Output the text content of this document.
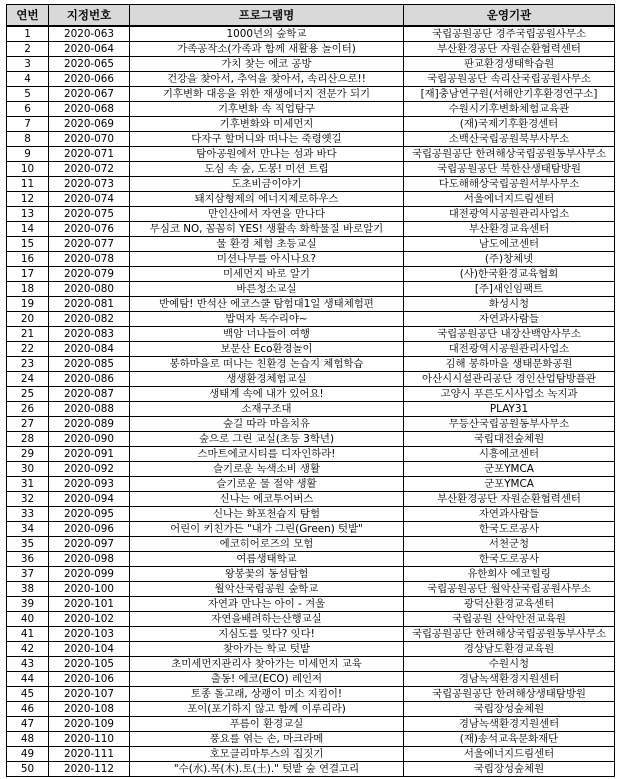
연번	지정번호	프로그램명	운영기관
1	2020-063	1000년의 숲학교	국립공원공단 경주국립공원사무소
2	2020-064	가족공작소(가족과 함께 새활용 놀이터)	부산환경공단 자원순환협력센터
3	2020-065	가치 찾는 에코 공방	판교환경생태학습원
4	2020-066	건강을 찾아서, 추억을 찾아서, 속리산으로!!	국립공원공단 속리산국립공원사무소
5	2020-067	기후변화 대응을 위한 재생에너지 전문가 되기	[재]충남연구원(서해안기후환경연구소]
6	2020-068	기후변화 속 직업탐구	수원시기후변화체험교육관
7	2020-069	기후변화와 미세먼지	(재)국제기후환경센터
8	2020-070	다자구 할머니와 떠나는 죽령옛길	소백산국립공원북부사무소
9	2020-071	탐아공원에서 만나는 섬과 바다	국립공원공단 한려해상국립공원동부사무소
10	2020-072	도심 속 숲, 도봉! 미션 트립	국립공원공단 북한산생태탐방원
11	2020-073	도초비금이야기	다도해해상국립공원서부사무소
12	2020-074	돼지삼형제의 에너지제로하우스	서울에너지드림센터
13	2020-075	만인산에서 자연을 만나다	대전광역시공원관리사업소
14	2020-076	무심코 NO, 꼼꼼히 YES! 생활속 화학물질 바로알기	부산환경교육센터
15	2020-077	물 환경 체험 초등교실	남도에코센터
16	2020-078	미션나무를 아시나요?	(주)창체넷
17	2020-079	미세먼지 바로 알기	(사)한국환경교육협회
18	2020-080	바른청소교실	[주]새인임팩트
19	2020-081	반예탐! 반석산 에코스쿨 탐험대1일 생태체험편	화성시청
20	2020-082	밥먹자 독수리야~	자연과사람들
21	2020-083	백암 너나들이 여행	국립공원공단 내장산백암사무소
22	2020-084	보문산 Eco환경놀이	대전광역시공원관리사업소
23	2020-085	봉하마을로 떠나는 친환경 논습지 체험학습	김해 봉하마을 생태문화공원
24	2020-086	생생환경체험교실	아산시시설관리공단 경인산업탐방플관
25	2020-087	생태계 속에 내가 있어요!	고양시 푸른도시사업소 녹지과
26	2020-088	소재구조대	PLAY31
27	2020-089	숲길 따라 마음치유	무등산국립공원동부사무소
28	2020-090	숲으로 그린 교실(초등 3학년)	국립대전숲체원
29	2020-091	스마트에코시티를 디자인하라!	시흥에코센터
30	2020-092	슬기로운 녹색소비 생활	군포YMCA
31	2020-093	슬기로운 물 절약 생활	군포YMCA
32	2020-094	신나는 에코투어버스	부산환경공단 자원순환협력센터
33	2020-095	신나는 화포천습지 탐험	자연과사람들
34	2020-096	어린이 키친가든 "내가 그린(Green) 텃밭"	한국도로공사
35	2020-097	에코히어로즈의 모험	서천군청
36	2020-098	여름생태학교	한국도로공사
37	2020-099	왕봉꽃의 동섬탐험	유한회사 에코힐링
38	2020-100	월악산국립공원 숲학교	국립공원공단 월악산국립공원사무소
39	2020-101	자연과 만나는 아이 - 겨울	광덕산환경교육센터
40	2020-102	자연을배려하는산행교실	국립공원 산악안전교육원
41	2020-103	지심도를 잊다? 잇다!	국립공원공단 한려해상국립공원동부사무소
42	2020-104	찾아가는 학교 텃밭	경상남도환경교육원
43	2020-105	초미세먼지관리사 찾아가는 미세먼지 교육	수원시청
44	2020-106	출동! 에코(ECO) 레인저	경남녹색환경지원센터
45	2020-107	토종 돌고래, 상괭이 미소 지킴이!	국립공원공단 한려해상생태탐방원
46	2020-108	포이(포기하지 않고 함께 이루리라)	국립장성숲체원
47	2020-109	푸름이 환경교실	경남녹색환경지원센터
48	2020-110	풍요를 엮는 손, 마크라메	(재)송석교육문화재단
49	2020-111	호모클리마투스의 집짓기	서울에너지드림센터
50	2020-112	"수(水).목(木).토(土)." 텃밭 숲 연결고리	국립장성숲체원
